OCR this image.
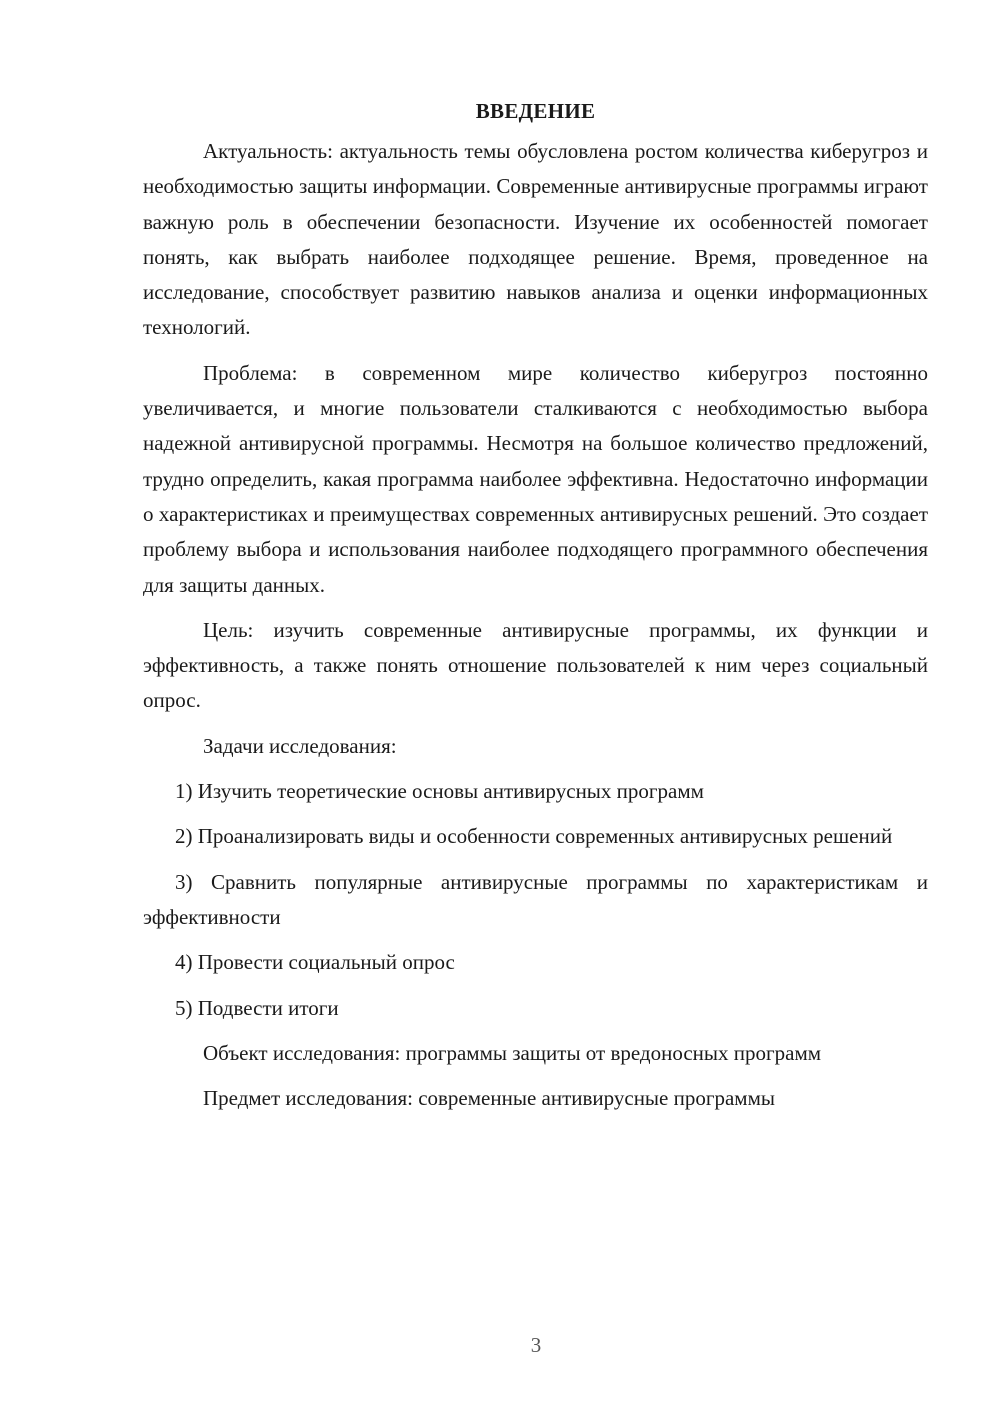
ВВЕДЕНИЕ

Актуальность: актуальность темы обусловлена ростом количества киберугроз и необходимостью защиты информации. Современные антивирусные программы играют важную роль в обеспечении безопасности. Изучение их особенностей помогает понять, как выбрать наиболее подходящее решение. Время, проведенное на исследование, способствует развитию навыков анализа и оценки информационных технологий.

Проблема: в современном мире количество киберугроз постоянно увеличивается, и многие пользователи сталкиваются с необходимостью выбора надежной антивирусной программы. Несмотря на большое количество предложений, трудно определить, какая программа наиболее эффективна. Недостаточно информации о характеристиках и преимуществах современных антивирусных решений. Это создает проблему выбора и использования наиболее подходящего программного обеспечения для защиты данных.

Цель: изучить современные антивирусные программы, их функции и эффективность, а также понять отношение пользователей к ним через социальный опрос.

Задачи исследования:

1) Изучить теоретические основы антивирусных программ

2) Проанализировать виды и особенности современных антивирусных решений

3) Сравнить популярные антивирусные программы по характеристикам и эффективности

4) Провести социальный опрос

5) Подвести итоги

Объект исследования: программы защиты от вредоносных программ

Предмет исследования: современные антивирусные программы

3
